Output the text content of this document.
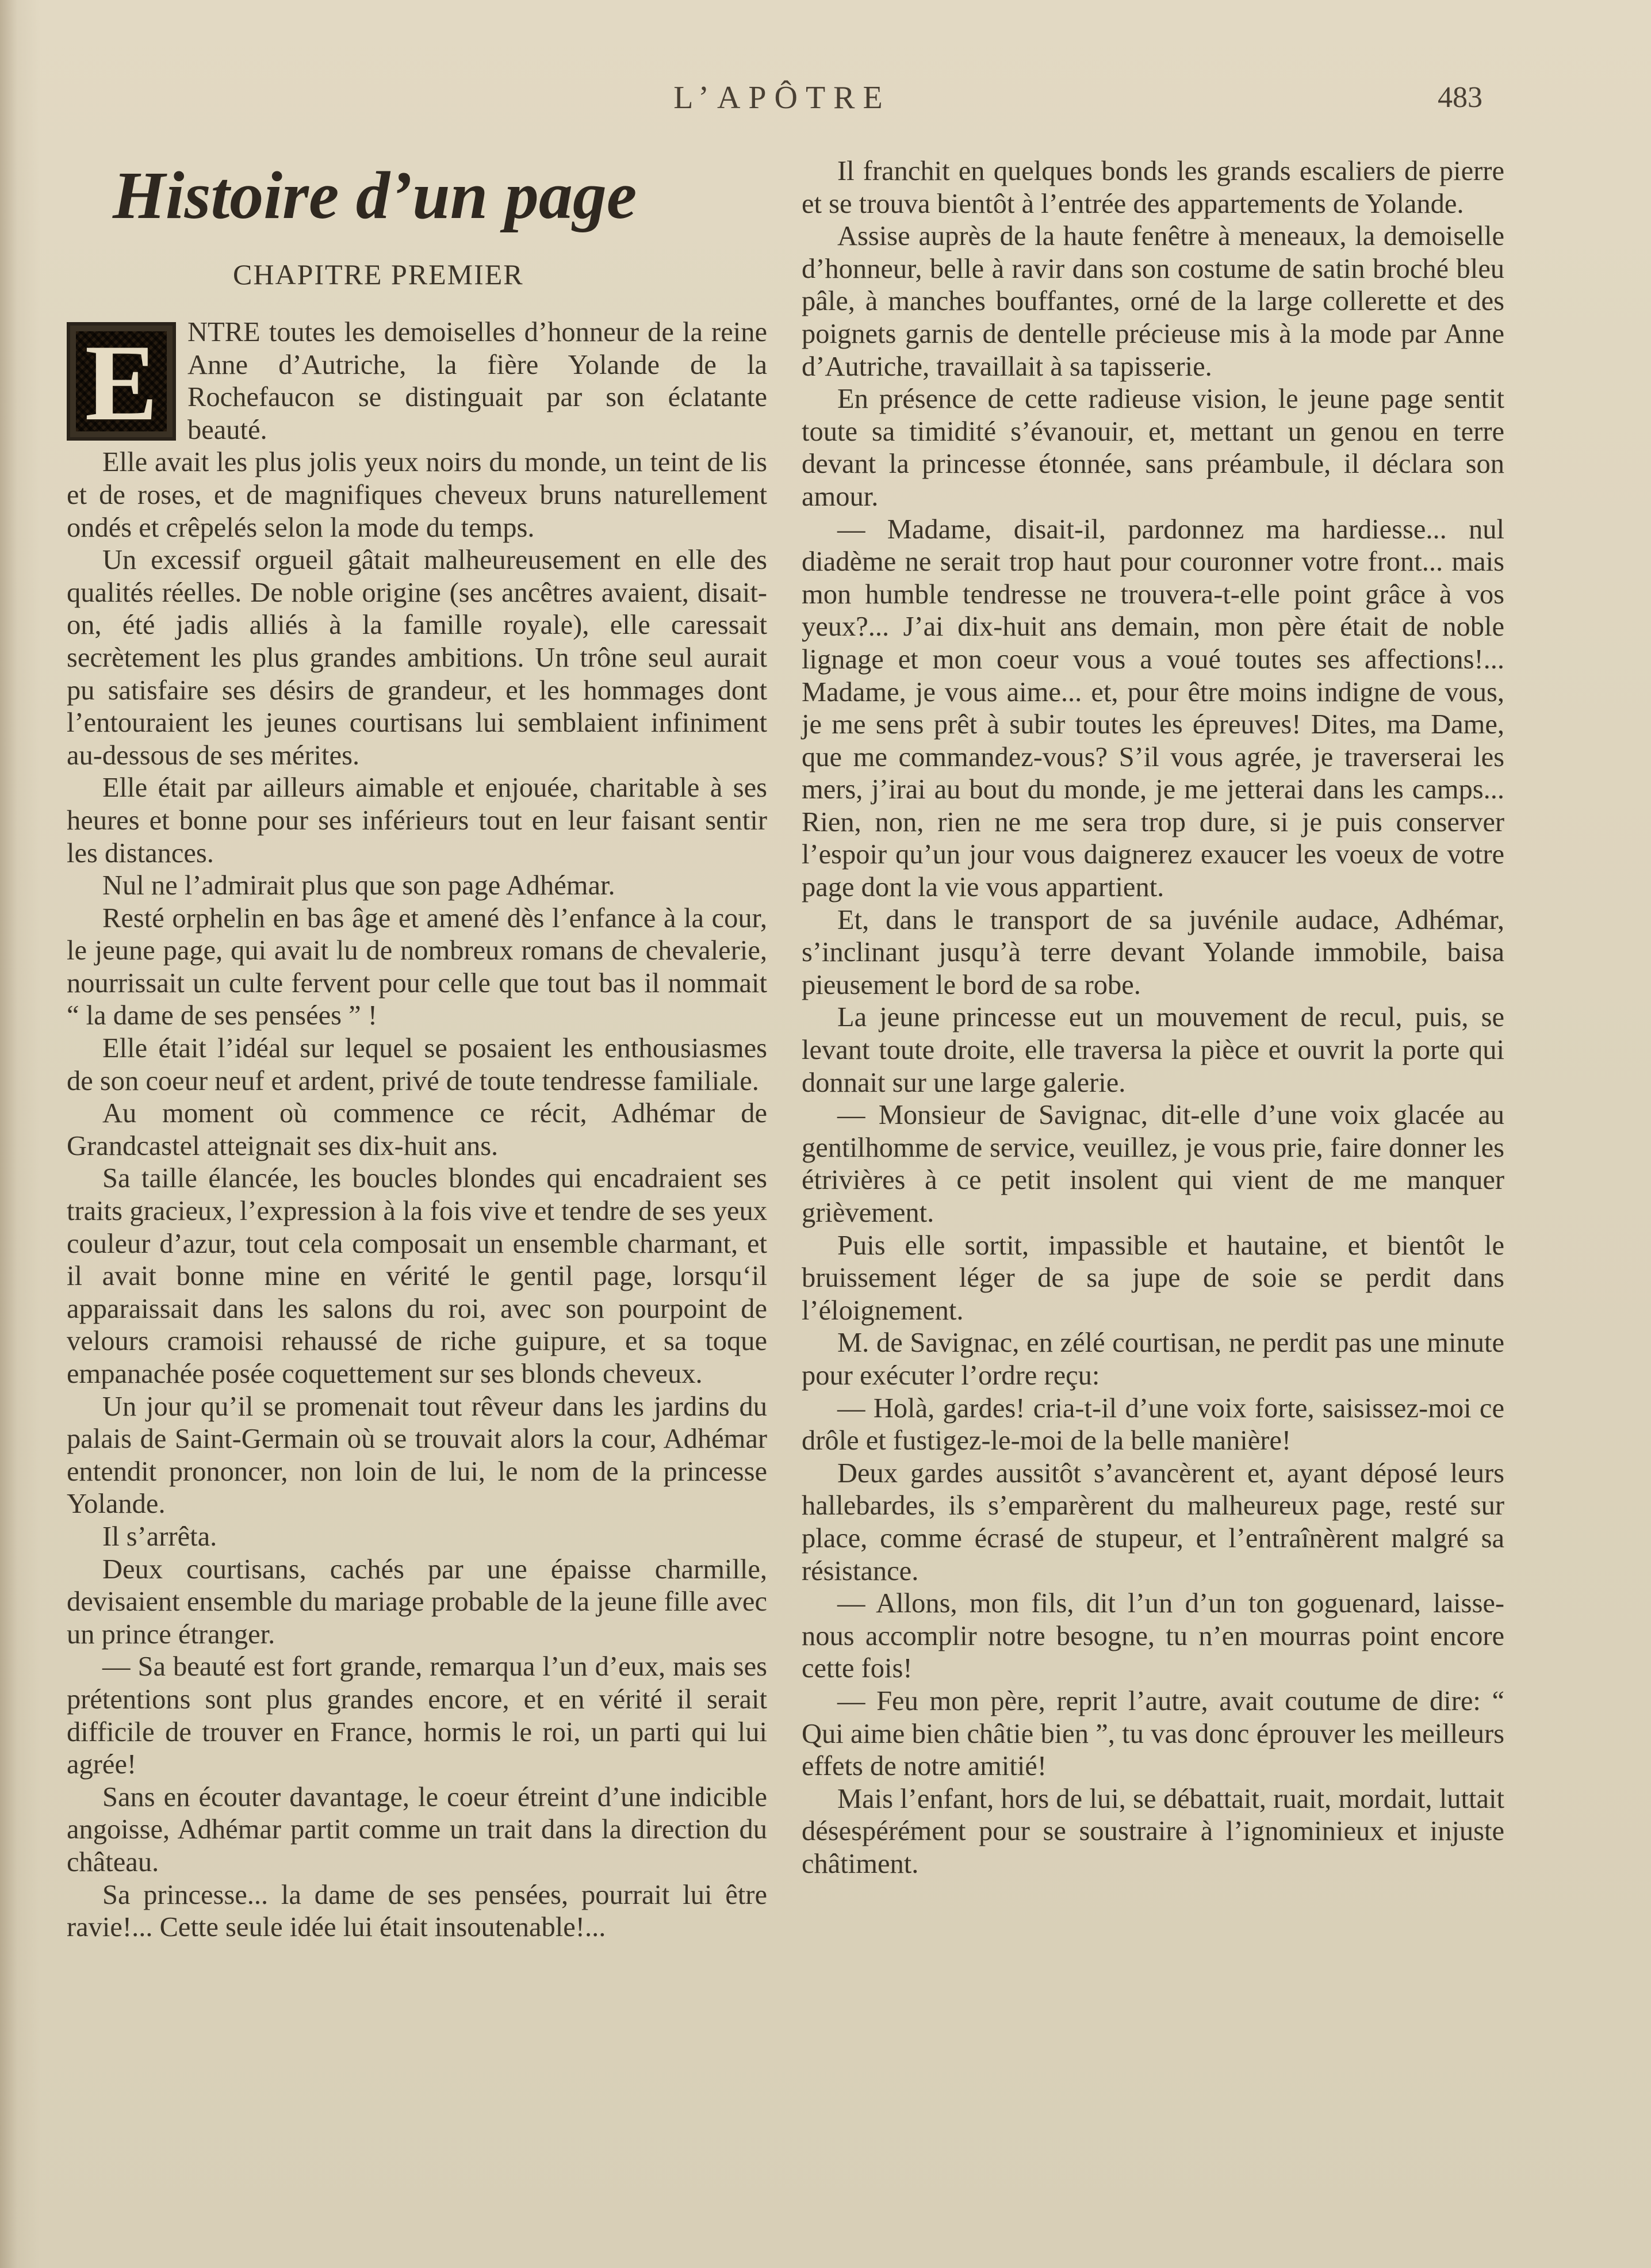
L’APÔTRE	483
Histoire d’un page
CHAPITRE PREMIER
E	NTRE toutes les demoiselles d’honneur de la reine Anne d’Autriche, la fière Yolande de la Rochefaucon se distinguait par son éclatante beauté.

Elle avait les plus jolis yeux noirs du monde, un teint de lis et de roses, et de magnifiques cheveux bruns naturellement ondés et crêpelés selon la mode du temps.

Un excessif orgueil gâtait malheureusement en elle des qualités réelles. De noble origine (ses ancêtres avaient, disait-on, été jadis alliés à la famille royale), elle caressait secrètement les plus grandes ambitions. Un trône seul aurait pu satisfaire ses désirs de grandeur, et les hommages dont l’entouraient les jeunes courtisans lui semblaient infiniment au-dessous de ses mérites.

Elle était par ailleurs aimable et enjouée, charitable à ses heures et bonne pour ses inférieurs tout en leur faisant sentir les distances.

Nul ne l’admirait plus que son page Adhémar.

Resté orphelin en bas âge et amené dès l’enfance à la cour, le jeune page, qui avait lu de nombreux romans de chevalerie, nourrissait un culte fervent pour celle que tout bas il nommait “ la dame de ses pensées ” !

Elle était l’idéal sur lequel se posaient les enthousiasmes de son coeur neuf et ardent, privé de toute tendresse familiale.

Au moment où commence ce récit, Adhémar de Grandcastel atteignait ses dix-huit ans.

Sa taille élancée, les boucles blondes qui encadraient ses traits gracieux, l’expression à la fois vive et tendre de ses yeux couleur d’azur, tout cela composait un ensemble charmant, et il avait bonne mine en vérité le gentil page, lorsqu‘il apparaissait dans les salons du roi, avec son pourpoint de velours cramoisi rehaussé de riche guipure, et sa toque empanachée posée coquettement sur ses blonds cheveux.

Un jour qu’il se promenait tout rêveur dans les jardins du palais de Saint-Germain où se trouvait alors la cour, Adhémar entendit prononcer, non loin de lui, le nom de la princesse Yolande.

Il s’arrêta.

Deux courtisans, cachés par une épaisse charmille, devisaient ensemble du mariage probable de la jeune fille avec un prince étranger.

— Sa beauté est fort grande, remarqua l’un d’eux, mais ses prétentions sont plus grandes encore, et en vérité il serait difficile de trouver en France, hormis le roi, un parti qui lui agrée!

Sans en écouter davantage, le coeur étreint d’une indicible angoisse, Adhémar partit comme un trait dans la direction du château.

Sa princesse... la dame de ses pensées, pourrait lui être ravie!... Cette seule idée lui était insoutenable!...

Il franchit en quelques bonds les grands escaliers de pierre et se trouva bientôt à l’entrée des appartements de Yolande.

Assise auprès de la haute fenêtre à meneaux, la demoiselle d’honneur, belle à ravir dans son costume de satin broché bleu pâle, à manches bouffantes, orné de la large collerette et des poignets garnis de dentelle précieuse mis à la mode par Anne d’Autriche, travaillait à sa tapisserie.

En présence de cette radieuse vision, le jeune page sentit toute sa timidité s’évanouir, et, mettant un genou en terre devant la princesse étonnée, sans préambule, il déclara son amour.

— Madame, disait-il, pardonnez ma hardiesse... nul diadème ne serait trop haut pour couronner votre front... mais mon humble tendresse ne trouvera-t-elle point grâce à vos yeux?... J’ai dix-huit ans demain, mon père était de noble lignage et mon coeur vous a voué toutes ses affections!... Madame, je vous aime... et, pour être moins indigne de vous, je me sens prêt à subir toutes les épreuves! Dites, ma Dame, que me commandez-vous? S’il vous agrée, je traverserai les mers, j’irai au bout du monde, je me jetterai dans les camps... Rien, non, rien ne me sera trop dure, si je puis conserver l’espoir qu’un jour vous daignerez exaucer les voeux de votre page dont la vie vous appartient.

Et, dans le transport de sa juvénile audace, Adhémar, s’inclinant jusqu’à terre devant Yolande immobile, baisa pieusement le bord de sa robe.

La jeune princesse eut un mouvement de recul, puis, se levant toute droite, elle traversa la pièce et ouvrit la porte qui donnait sur une large galerie.

— Monsieur de Savignac, dit-elle d’une voix glacée au gentilhomme de service, veuillez, je vous prie, faire donner les étrivières à ce petit insolent qui vient de me manquer grièvement.

Puis elle sortit, impassible et hautaine, et bientôt le bruissement léger de sa jupe de soie se perdit dans l’éloignement.

M. de Savignac, en zélé courtisan, ne perdit pas une minute pour exécuter l’ordre reçu:

— Holà, gardes! cria-t-il d’une voix forte, saisissez-moi ce drôle et fustigez-le-moi de la belle manière!

Deux gardes aussitôt s’avancèrent et, ayant déposé leurs hallebardes, ils s’emparèrent du malheureux page, resté sur place, comme écrasé de stupeur, et l’entraînèrent malgré sa résistance.

— Allons, mon fils, dit l’un d’un ton goguenard, laisse-nous accomplir notre besogne, tu n’en mourras point encore cette fois!

— Feu mon père, reprit l’autre, avait coutume de dire: “ Qui aime bien châtie bien ”, tu vas donc éprouver les meilleurs effets de notre amitié!

Mais l’enfant, hors de lui, se débattait, ruait, mordait, luttait désespérément pour se soustraire à l’ignominieux et injuste châtiment.
